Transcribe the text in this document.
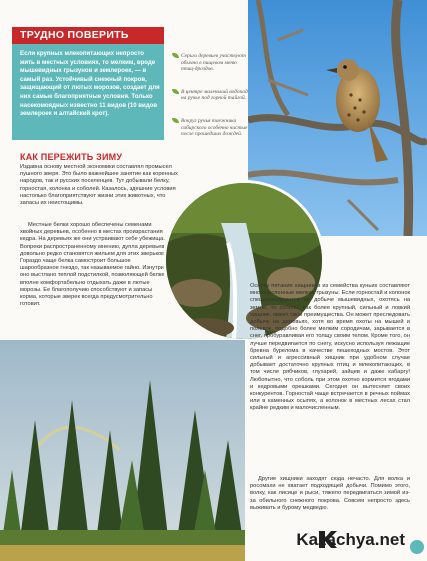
ТРУДНО ПОВЕРИТЬ
Если крупных млекопитающих непросто жить в местных условиях, то мелким, вроде мышевидных грызунов и землероек, — в самый раз. Устойчивый снежный покров, защищающий от лютых морозов, создает для них самые благоприятные условия. Только насекомоядных известно 11 видов (10 видов землероек и алтайский крот).
Серьги деревьев участвуют обычно в пищевом меню птиц-дроздов.
В центре маленький водопад на ручье под горной тайгой.
Вокруг ручья таежника сибирского особенно чистые после прошедших дождей.
КАК ПЕРЕЖИТЬ ЗИМУ
Издавна основу местной экономики составлял промысел пушного зверя. Это было важнейшее занятие как коренных народов, так и русских поселенцев. Тут добывали белку, горностая, колонка и соболей. Казалось, здешние условия настолько благоприятствуют жизни этих животных, что запасы их неистощимы.
Местные белки хорошо обеспечены семенами хвойных деревьев, особенно в местах произрастания кедра. На деревьях же они устраивают себе убежища. Вопреки распространенному мнению, дупла деревьев довольно редко становятся жильем для этих зверьков. Гораздо чаще белка самостроит большое шарообразное гнездо, так называемое гайно. Изнутри оно выстлано теплой подстилкой, позволяющей белке вполне комфортабельно отдыхать даже в лютые морозы. Ее благополучию способствуют и запасы корма, которые зверек всегда предусмотрительно готовит.
Основу питания хищников из семейства куньих составляют многочисленные мелкие грызуны. Если горностай и колонок специализируются на добыче мышевидных, охотясь на земле, то соболь, как более крупный, сильный и ловкий хищник, имеет свои преимущества. Он может преследовать добычу на деревьях, хотя во время охоты на мышей и полевок, подобно более мелким сородичам, зарывается в снег, пробуравливая его толщу своим телом. Кроме того, он лучше передвигается по снегу, искусно используя лежащие бревна бурелома в качестве пешеходных мостов. Этот сильный и агрессивный хищник при удобном случае добывает достаточно крупных птиц и млекопитающих, в том числе рябчиков, глухарей, зайцев и даже кабаргу! Любопытно, что соболь при этом охотно кормится ягодами и кедровыми орешками. Сегодня он вытесняет своих конкурентов. Горностай чаще встречается в речных поймах или в каменных осыпях, а колонок в местных лесах стал крайне редким и малочисленным.
Другие хищники заходят сюда нечасто. Для волка и росомахи не хватает подходящей добычи. Помимо этого, волку, как лисице и рыси, тяжело передвигаться зимой из-за обильного снежного покрова. Совсем непросто здесь выживать и бурому медведю.
Kazachya.net
